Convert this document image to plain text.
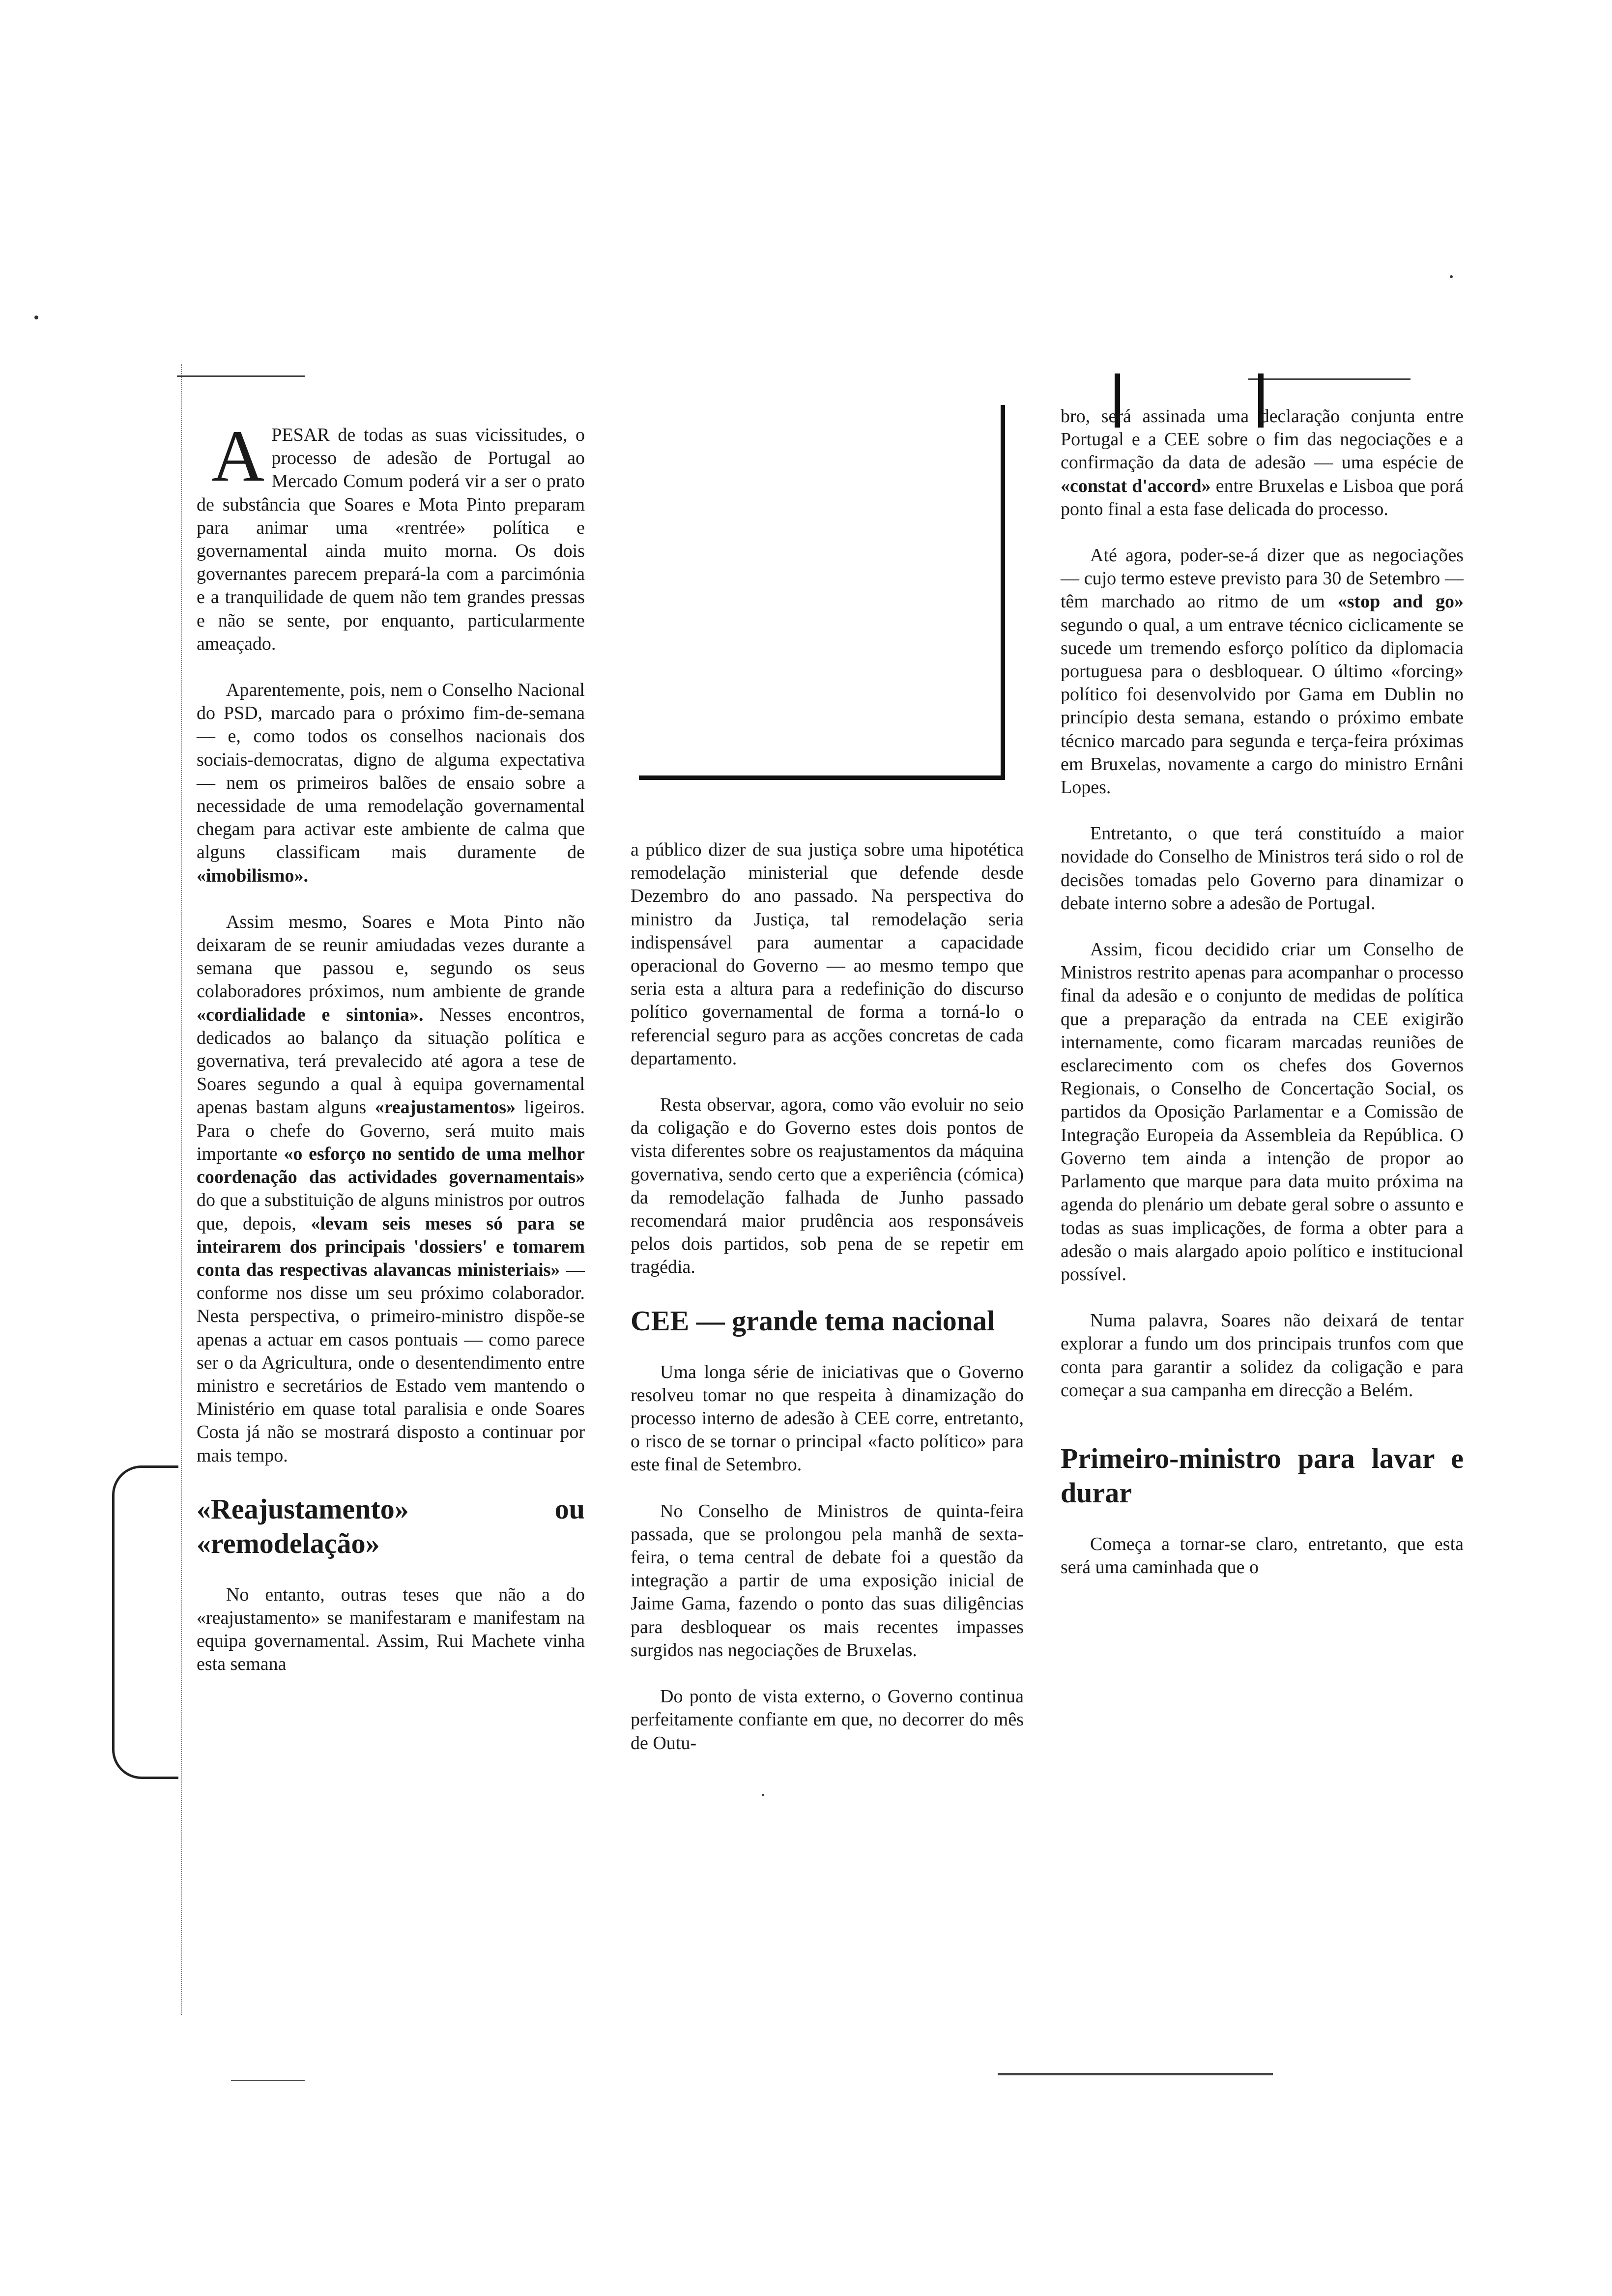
APESAR de todas as suas vicissitudes, o processo de adesão de Portugal ao Mercado Comum poderá vir a ser o prato de substância que Soares e Mota Pinto preparam para animar uma «rentrée» política e governamental ainda muito morna. Os dois governantes parecem prepará-la com a parcimónia e a tranquilidade de quem não tem grandes pressas e não se sente, por enquanto, particularmente ameaçado.

Aparentemente, pois, nem o Conselho Nacional do PSD, marcado para o próximo fim-de-semana — e, como todos os conselhos nacionais dos sociais-democratas, digno de alguma expectativa — nem os primeiros balões de ensaio sobre a necessidade de uma remodelação governamental chegam para activar este ambiente de calma que alguns classificam mais duramente de «imobilismo».

Assim mesmo, Soares e Mota Pinto não deixaram de se reunir amiudadas vezes durante a semana que passou e, segundo os seus colaboradores próximos, num ambiente de grande «cordialidade e sintonia». Nesses encontros, dedicados ao balanço da situação política e governativa, terá prevalecido até agora a tese de Soares segundo a qual à equipa governamental apenas bastam alguns «reajustamentos» ligeiros. Para o chefe do Governo, será muito mais importante «o esforço no sentido de uma melhor coordenação das actividades governamentais» do que a substituição de alguns ministros por outros que, depois, «levam seis meses só para se inteirarem dos principais 'dossiers' e tomarem conta das respectivas alavancas ministeriais» —conforme nos disse um seu próximo colaborador. Nesta perspectiva, o primeiro-ministro dispõe-se apenas a actuar em casos pontuais — como parece ser o da Agricultura, onde o desentendimento entre ministro e secretários de Estado vem mantendo o Ministério em quase total paralisia e onde Soares Costa já não se mostrará disposto a continuar por mais tempo.

«Reajustamento» ou «remodelação»

No entanto, outras teses que não a do «reajustamento» se manifestaram e manifestam na equipa governamental. Assim, Rui Machete vinha esta semana

a público dizer de sua justiça sobre uma hipotética remodelação ministerial que defende desde Dezembro do ano passado. Na perspectiva do ministro da Justiça, tal remodelação seria indispensável para aumentar a capacidade operacional do Governo — ao mesmo tempo que seria esta a altura para a redefinição do discurso político governamental de forma a torná-lo o referencial seguro para as acções concretas de cada departamento.

Resta observar, agora, como vão evoluir no seio da coligação e do Governo estes dois pontos de vista diferentes sobre os reajustamentos da máquina governativa, sendo certo que a experiência (cómica) da remodelação falhada de Junho passado recomendará maior prudência aos responsáveis pelos dois partidos, sob pena de se repetir em tragédia.

CEE — grande tema nacional

Uma longa série de iniciativas que o Governo resolveu tomar no que respeita à dinamização do processo interno de adesão à CEE corre, entretanto, o risco de se tornar o principal «facto político» para este final de Setembro.

No Conselho de Ministros de quinta-feira passada, que se prolongou pela manhã de sexta-feira, o tema central de debate foi a questão da integração a partir de uma exposição inicial de Jaime Gama, fazendo o ponto das suas diligências para desbloquear os mais recentes impasses surgidos nas negociações de Bruxelas.

Do ponto de vista externo, o Governo continua perfeitamente confiante em que, no decorrer do mês de Outu-

bro, será assinada uma declaração conjunta entre Portugal e a CEE sobre o fim das negociações e a confirmação da data de adesão — uma espécie de «constat d'accord» entre Bruxelas e Lisboa que porá ponto final a esta fase delicada do processo.

Até agora, poder-se-á dizer que as negociações — cujo termo esteve previsto para 30 de Setembro — têm marchado ao ritmo de um «stop and go» segundo o qual, a um entrave técnico ciclicamente se sucede um tremendo esforço político da diplomacia portuguesa para o desbloquear. O último «forcing» político foi desenvolvido por Gama em Dublin no princípio desta semana, estando o próximo embate técnico marcado para segunda e terça-feira próximas em Bruxelas, novamente a cargo do ministro Ernâni Lopes.

Entretanto, o que terá constituído a maior novidade do Conselho de Ministros terá sido o rol de decisões tomadas pelo Governo para dinamizar o debate interno sobre a adesão de Portugal.

Assim, ficou decidido criar um Conselho de Ministros restrito apenas para acompanhar o processo final da adesão e o conjunto de medidas de política que a preparação da entrada na CEE exigirão internamente, como ficaram marcadas reuniões de esclarecimento com os chefes dos Governos Regionais, o Conselho de Concertação Social, os partidos da Oposição Parlamentar e a Comissão de Integração Europeia da Assembleia da República. O Governo tem ainda a intenção de propor ao Parlamento que marque para data muito próxima na agenda do plenário um debate geral sobre o assunto e todas as suas implicações, de forma a obter para a adesão o mais alargado apoio político e institucional possível.

Numa palavra, Soares não deixará de tentar explorar a fundo um dos principais trunfos com que conta para garantir a solidez da coligação e para começar a sua campanha em direcção a Belém.

Primeiro-ministro para lavar e durar

Começa a tornar-se claro, entretanto, que esta será uma caminhada que o
